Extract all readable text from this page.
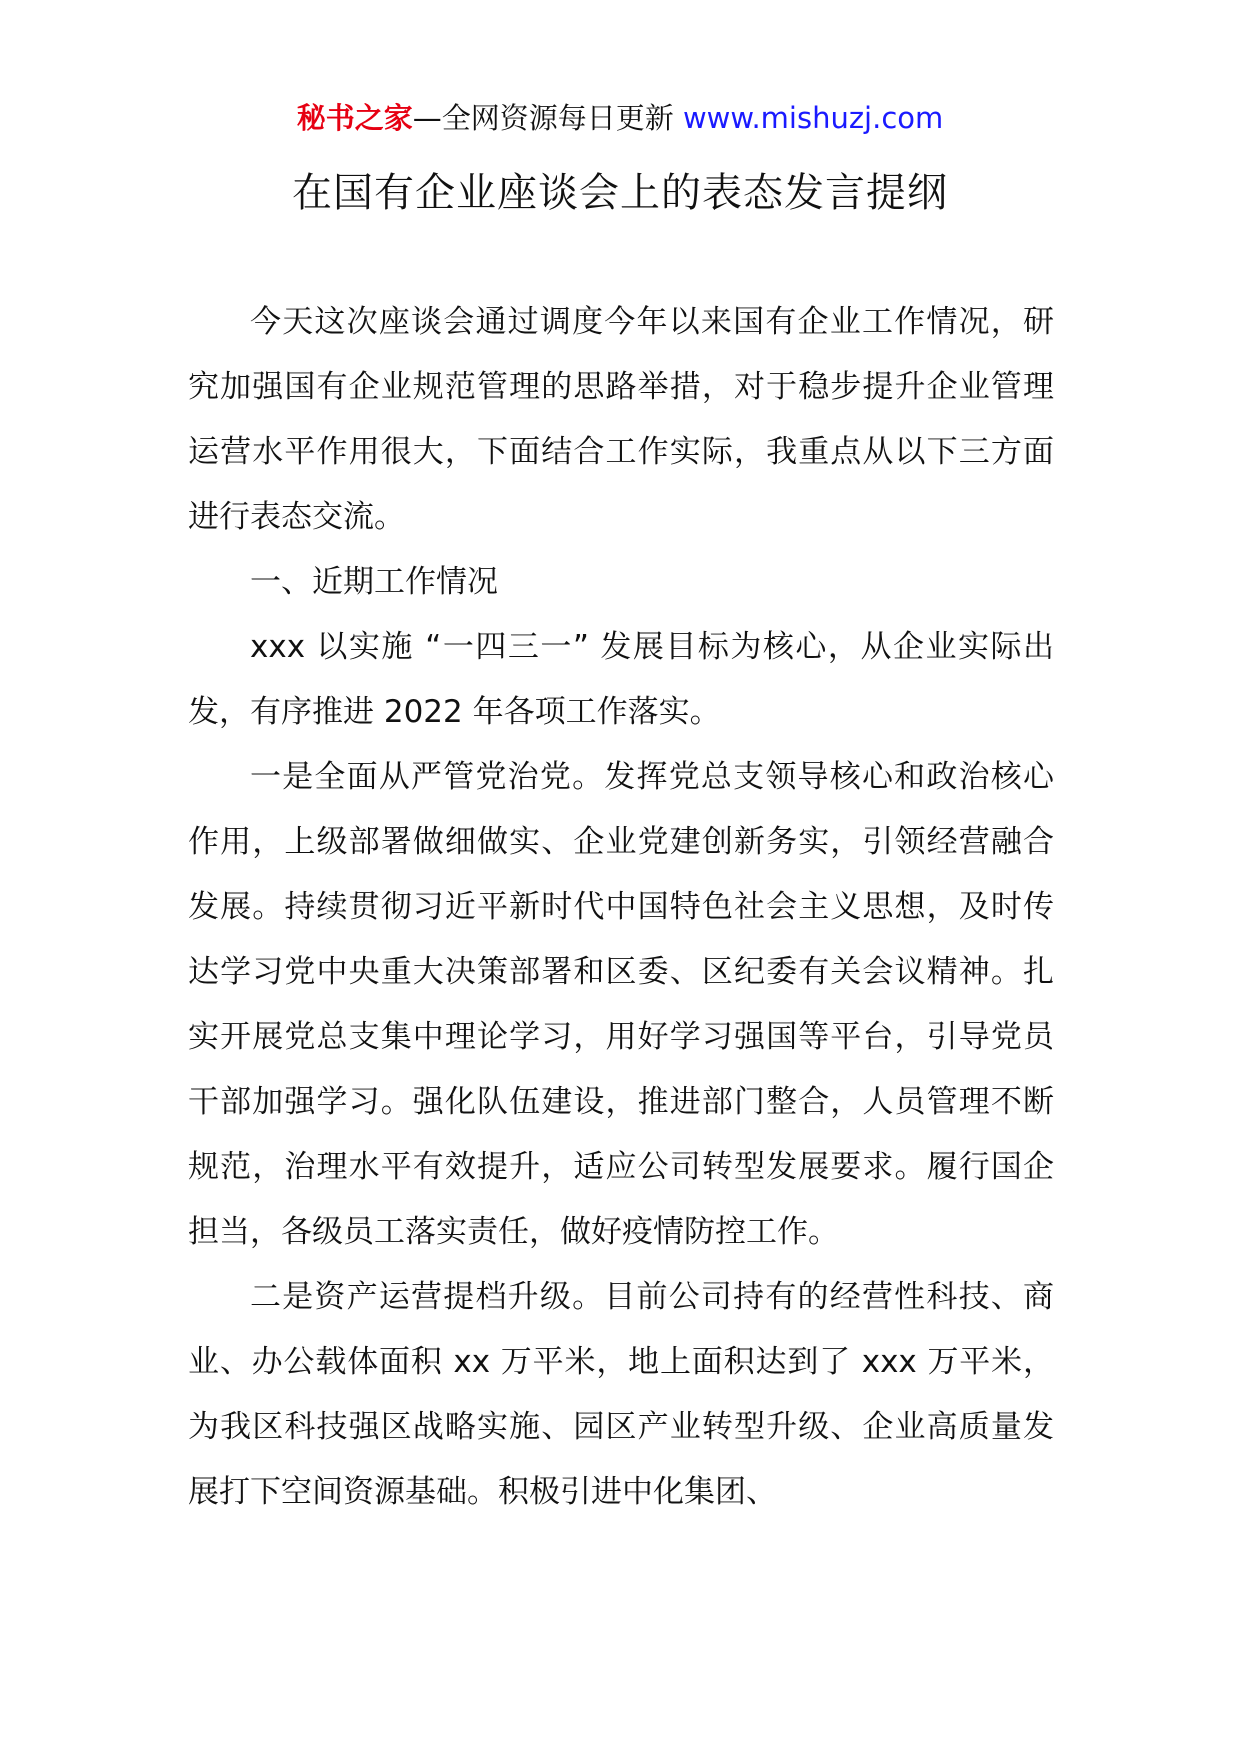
秘书之家—全网资源每日更新 www.mishuzj.com
在国有企业座谈会上的表态发言提纲

今天这次座谈会通过调度今年以来国有企业工作情况，研究加强国有企业规范管理的思路举措，对于稳步提升企业管理运营水平作用很大，下面结合工作实际，我重点从以下三方面进行表态交流。

一、近期工作情况

xxx 以实施 “一四三一” 发展目标为核心，从企业实际出发，有序推进 2022 年各项工作落实。

一是全面从严管党治党。发挥党总支领导核心和政治核心作用，上级部署做细做实、企业党建创新务实，引领经营融合发展。持续贯彻习近平新时代中国特色社会主义思想，及时传达学习党中央重大决策部署和区委、区纪委有关会议精神。扎实开展党总支集中理论学习，用好学习强国等平台，引导党员干部加强学习。强化队伍建设，推进部门整合，人员管理不断规范，治理水平有效提升，适应公司转型发展要求。履行国企担当，各级员工落实责任，做好疫情防控工作。

二是资产运营提档升级。目前公司持有的经营性科技、商业、办公载体面积 xx 万平米，地上面积达到了 xxx 万平米，为我区科技强区战略实施、园区产业转型升级、企业高质量发展打下空间资源基础。积极引进中化集团、
